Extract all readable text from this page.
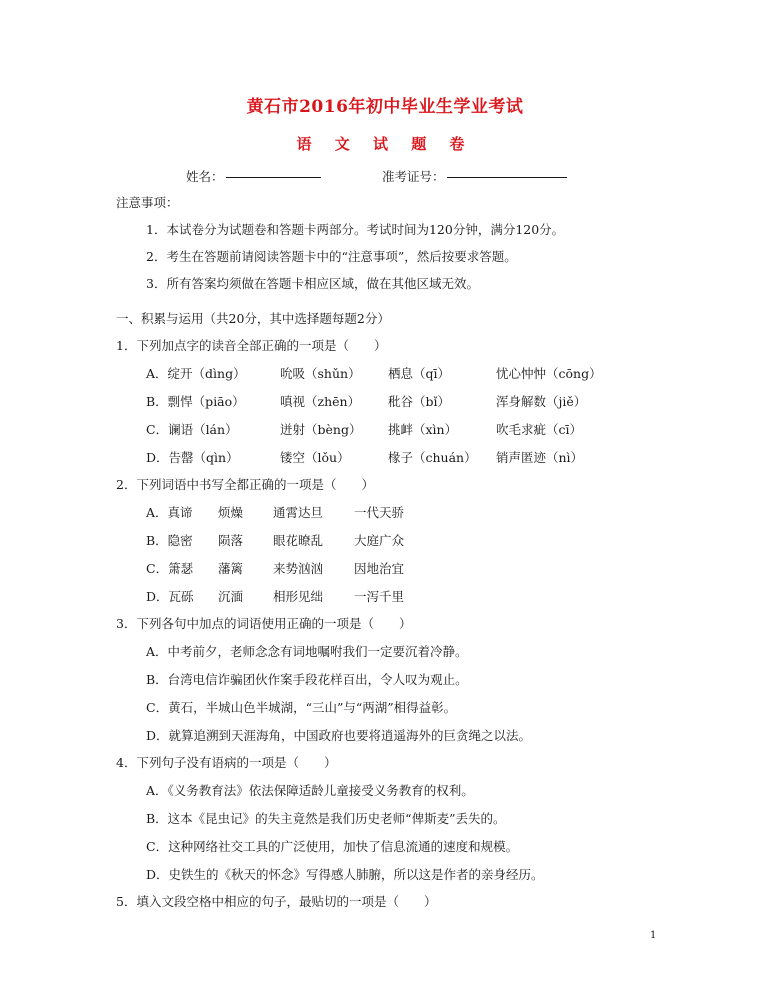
黄石市2016年初中毕业生学业考试
语 文 试 题 卷
姓名：	准考证号：
注意事项：
1．本试卷分为试题卷和答题卡两部分。考试时间为120分钟，满分120分。
2．考生在答题前请阅读答题卡中的“注意事项”，然后按要求答题。
3．所有答案均须做在答题卡相应区域，做在其他区域无效。
一、积累与运用（共20分，其中选择题每题2分）
1．下列加点字的读音全部正确的一项是（　　）
A．绽开（dìng）	吮吸（shǔn） 栖息（qī）	忧心忡忡（cōng）
B．剽悍（piāo）	嗔视（zhēn） 秕谷（bǐ）	浑身解数（jiě）
C．谰语（lán）	迸射（bèng） 挑衅（xìn）	吹毛求疵（cī）
D．告罄（qìn）	镂空（lǒu）	椽子（chuán） 销声匿迹（nì）
2．下列词语中书写全都正确的一项是（　　）
A．真谛 烦燥 通霄达旦 一代天骄
B．隐密 陨落 眼花暸乱 大庭广众
C．箫瑟 藩篱 来势汹汹 因地治宜
D．瓦砾 沉湎 相形见绌 一泻千里
3．下列各句中加点的词语使用正确的一项是（　　）
A．中考前夕，老师念念有词地嘱咐我们一定要沉着冷静。
B．台湾电信诈骗团伙作案手段花样百出，令人叹为观止。
C．黄石，半城山色半城湖，“三山”与“两湖”相得益彰。
D．就算追溯到天涯海角，中国政府也要将逍遥海外的巨贪绳之以法。
4．下列句子没有语病的一项是（　　）
A．《义务教育法》依法保障适龄儿童接受义务教育的权利。
B．这本《昆虫记》的失主竟然是我们历史老师“俾斯麦”丢失的。
C．这种网络社交工具的广泛使用，加快了信息流通的速度和规模。
D．史铁生的《秋天的怀念》写得感人肺腑，所以这是作者的亲身经历。
5．填入文段空格中相应的句子，最贴切的一项是（　　）
1
